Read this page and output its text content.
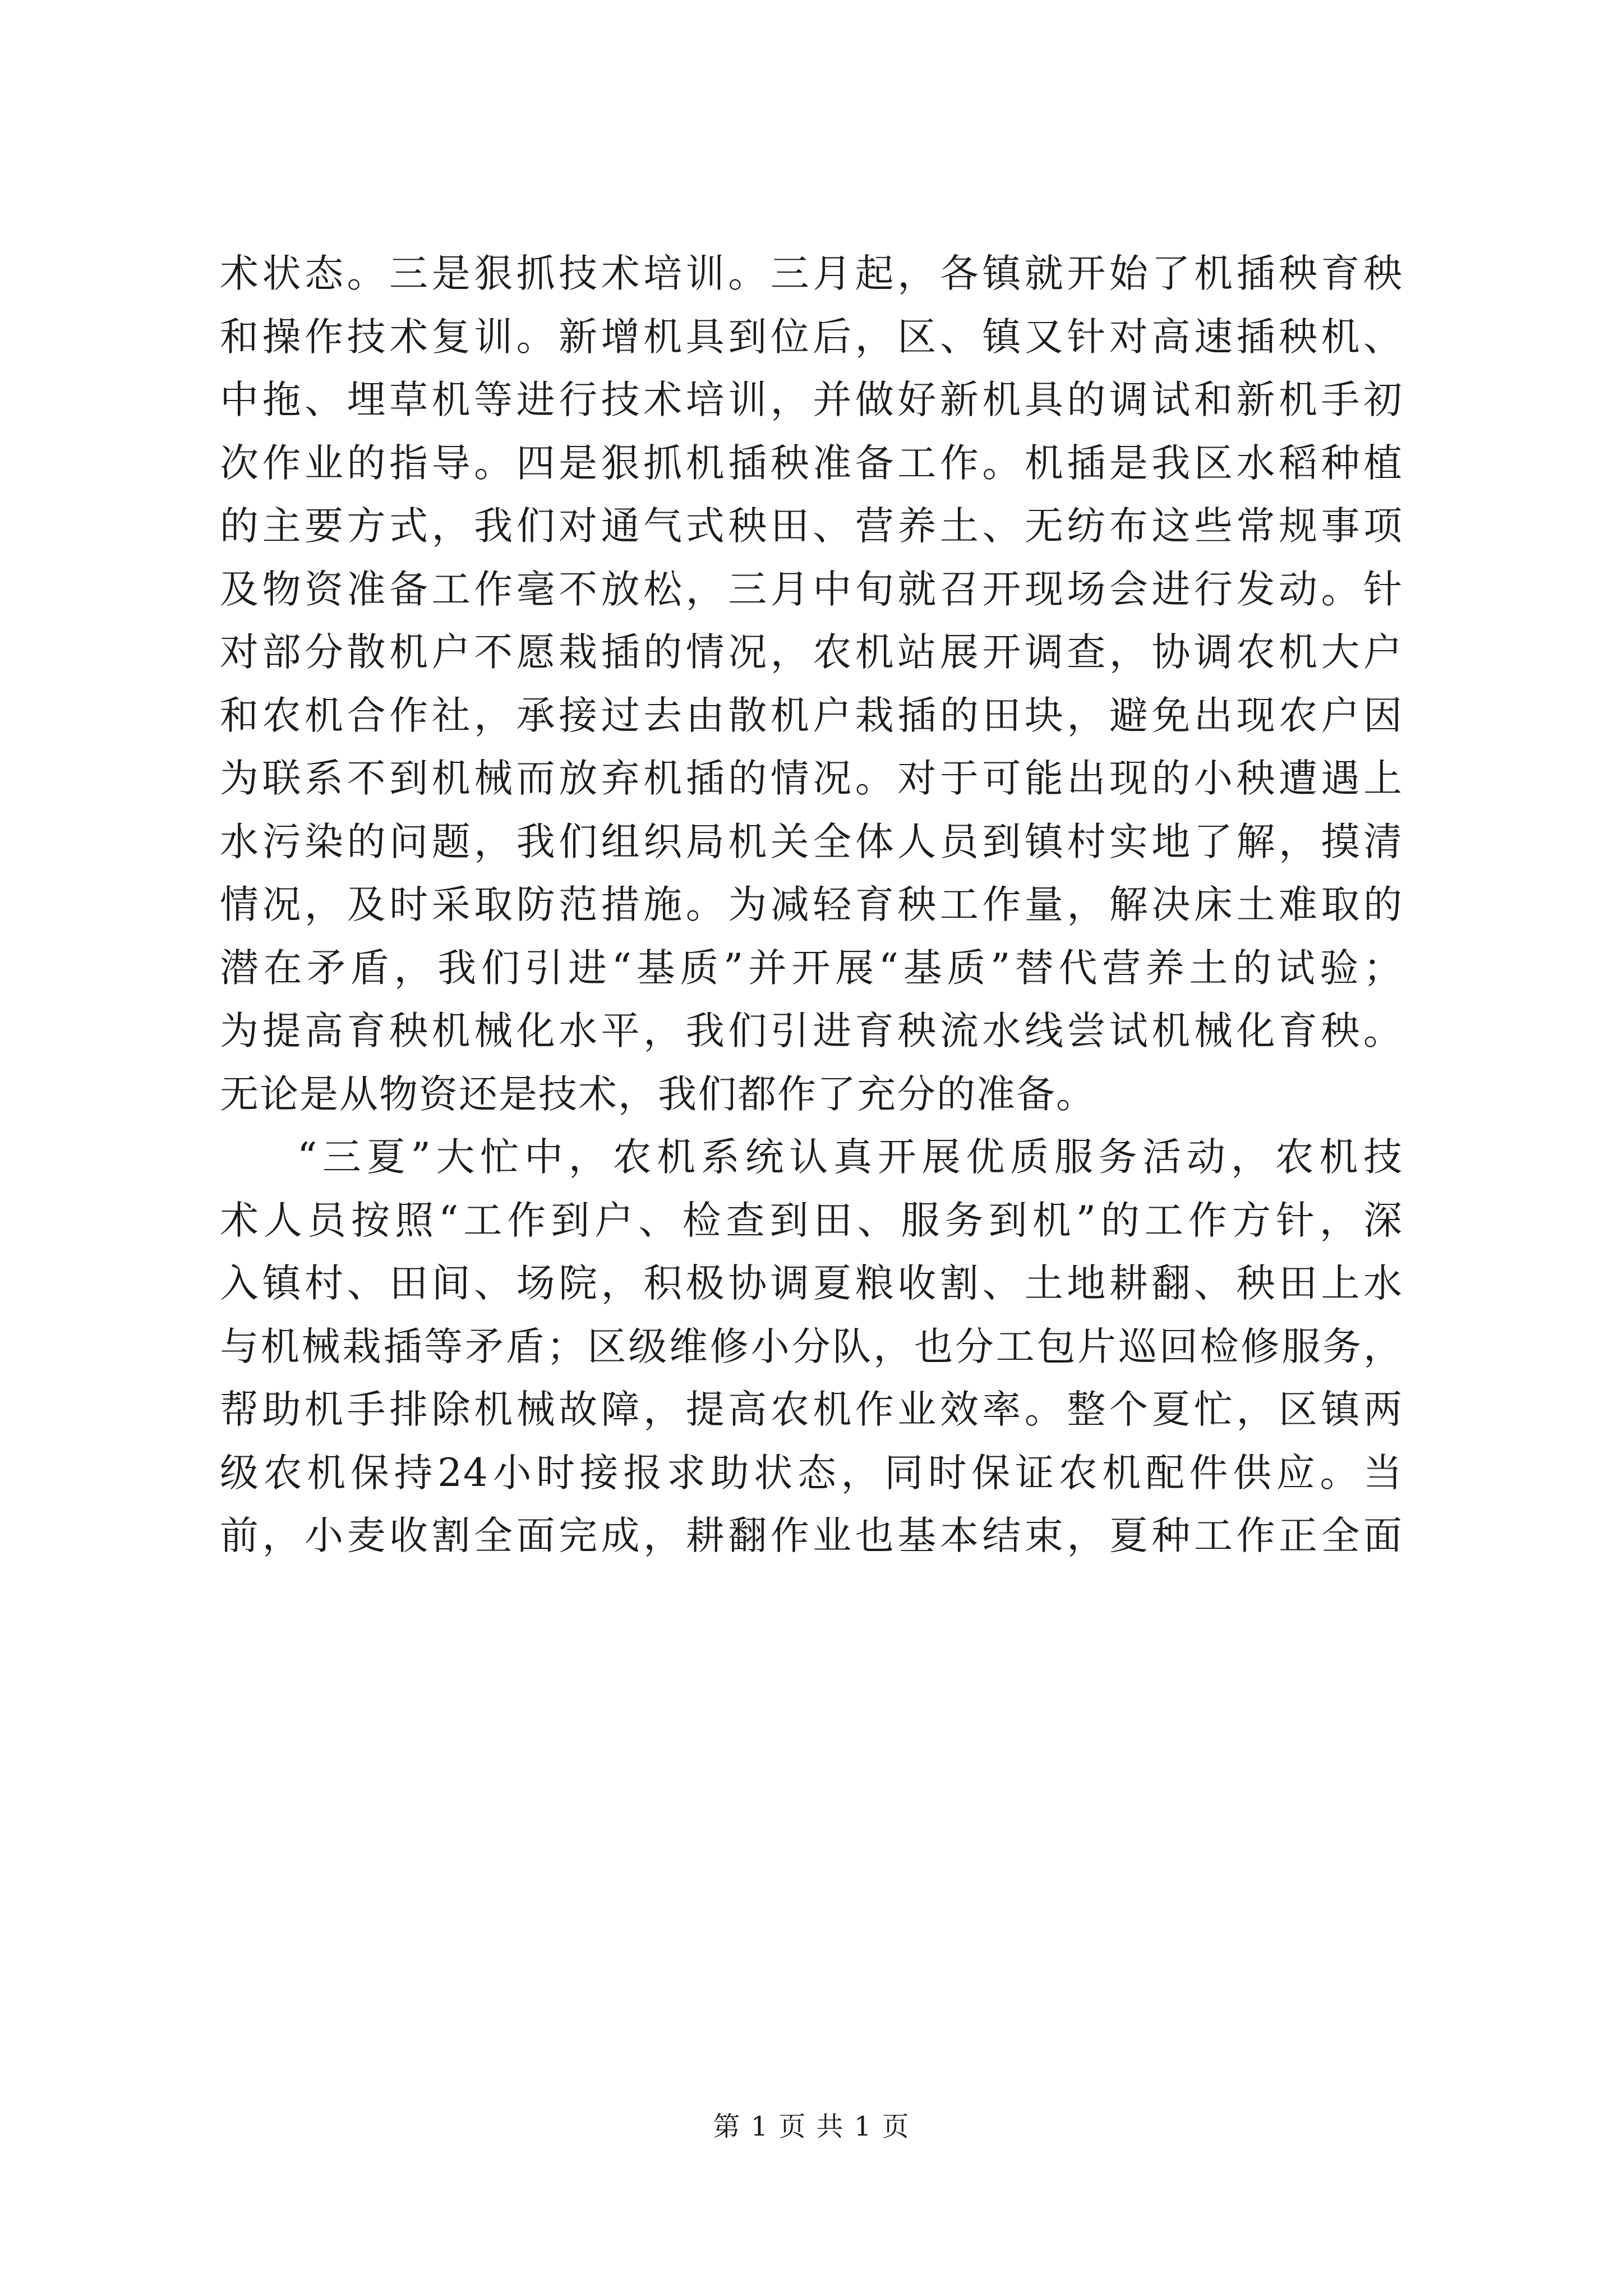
术状态。三是狠抓技术培训。三月起，各镇就开始了机插秧育秧
和操作技术复训。新增机具到位后，区、镇又针对高速插秧机、
中拖、埋草机等进行技术培训，并做好新机具的调试和新机手初
次作业的指导。四是狠抓机插秧准备工作。机插是我区水稻种植
的主要方式，我们对通气式秧田、营养土、无纺布这些常规事项
及物资准备工作毫不放松，三月中旬就召开现场会进行发动。针
对部分散机户不愿栽插的情况，农机站展开调查，协调农机大户
和农机合作社，承接过去由散机户栽插的田块，避免出现农户因
为联系不到机械而放弃机插的情况。对于可能出现的小秧遭遇上
水污染的问题，我们组织局机关全体人员到镇村实地了解，摸清
情况，及时采取防范措施。为减轻育秧工作量，解决床土难取的
潜在矛盾，我们引进“基质”并开展“基质”替代营养土的试验；
为提高育秧机械化水平，我们引进育秧流水线尝试机械化育秧。
无论是从物资还是技术，我们都作了充分的准备。
“三夏”大忙中，农机系统认真开展优质服务活动，农机技
术人员按照“工作到户、检查到田、服务到机”的工作方针，深
入镇村、田间、场院，积极协调夏粮收割、土地耕翻、秧田上水
与机械栽插等矛盾；区级维修小分队，也分工包片巡回检修服务，
帮助机手排除机械故障，提高农机作业效率。整个夏忙，区镇两
级农机保持24小时接报求助状态，同时保证农机配件供应。当
前，小麦收割全面完成，耕翻作业也基本结束，夏种工作正全面
第 1 页 共 1 页
